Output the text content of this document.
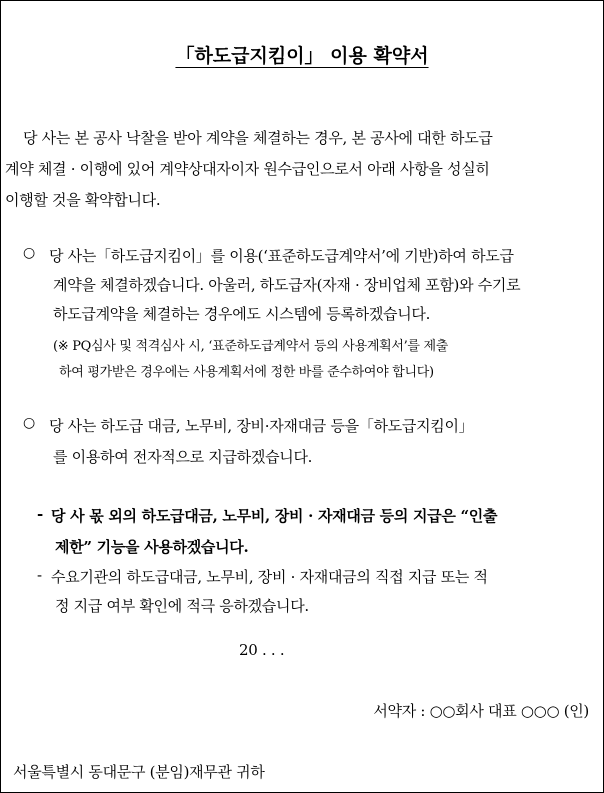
「하도급지킴이」 이용 확약서
당 사는 본 공사 낙찰을 받아 계약을 체결하는 경우, 본 공사에 대한 하도급
계약 체결 · 이행에 있어 계약상대자이자 원수급인으로서 아래 사항을 성실히
이행할 것을 확약합니다.
○ 당 사는「하도급지킴이」를 이용(‘표준하도급계약서’에 기반)하여 하도급
계약을 체결하겠습니다. 아울러, 하도급자(자재 · 장비업체 포함)와 수기로
하도급계약을 체결하는 경우에도 시스템에 등록하겠습니다.
(※ PQ심사 및 적격심사 시, ‘표준하도급계약서 등의 사용계획서’를 제출
하여 평가받은 경우에는 사용계획서에 정한 바를 준수하여야 합니다)
○ 당 사는 하도급 대금, 노무비, 장비·자재대금 등을「하도급지킴이」
를 이용하여 전자적으로 지급하겠습니다.
- 당 사 몫 외의 하도급대금, 노무비, 장비 · 자재대금 등의 지급은 “인출
제한” 기능을 사용하겠습니다.
- 수요기관의 하도급대금, 노무비, 장비 · 자재대금의 직접 지급 또는 적
정 지급 여부 확인에 적극 응하겠습니다.
20 . . .
서약자 : ○○회사 대표 ○○○ (인)
서울특별시 동대문구 (분임)재무관 귀하
